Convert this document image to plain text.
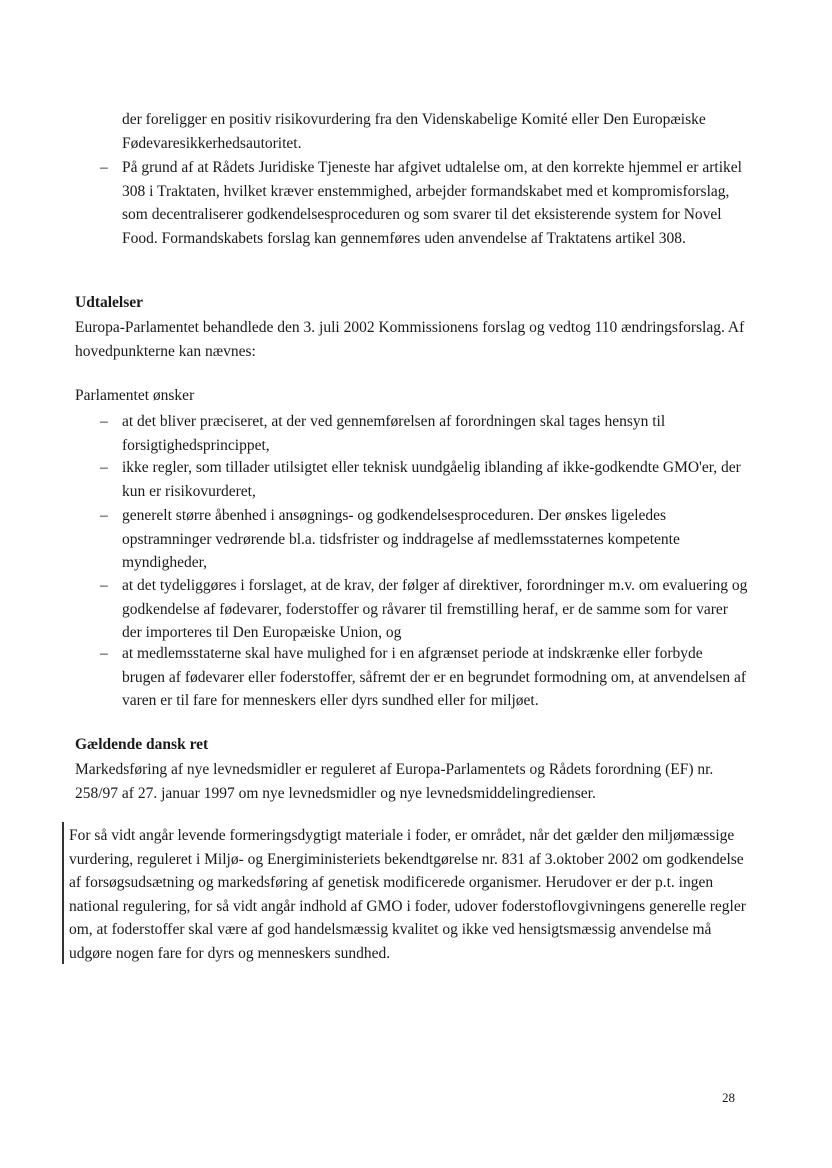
der foreligger en positiv risikovurdering fra den Videnskabelige Komité eller Den Europæiske Fødevaresikkerhedsautoritet.

– På grund af at Rådets Juridiske Tjeneste har afgivet udtalelse om, at den korrekte hjemmel er artikel 308 i Traktaten, hvilket kræver enstemmighed, arbejder formandskabet med et kompromisforslag, som decentraliserer godkendelsesproceduren og som svarer til det eksisterende system for Novel Food. Formandskabets forslag kan gennemføres uden anvendelse af Traktatens artikel 308.

Udtalelser

Europa-Parlamentet behandlede den 3. juli 2002 Kommissionens forslag og vedtog 110 ændringsforslag. Af hovedpunkterne kan nævnes:

Parlamentet ønsker

– at det bliver præciseret, at der ved gennemførelsen af forordningen skal tages hensyn til forsigtighedsprincippet,

– ikke regler, som tillader utilsigtet eller teknisk uundgåelig iblanding af ikke-godkendte GMO'er, der kun er risikovurderet,

– generelt større åbenhed i ansøgnings- og godkendelsesproceduren. Der ønskes ligeledes opstramninger vedrørende bl.a. tidsfrister og inddragelse af medlemsstaternes kompetente myndigheder,

– at det tydeliggøres i forslaget, at de krav, der følger af direktiver, forordninger m.v. om evaluering og godkendelse af fødevarer, foderstoffer og råvarer til fremstilling heraf, er de samme som for varer der importeres til Den Europæiske Union, og

– at medlemsstaterne skal have mulighed for i en afgrænset periode at indskrænke eller forbyde brugen af fødevarer eller foderstoffer, såfremt der er en begrundet formodning om, at anvendelsen af varen er til fare for menneskers eller dyrs sundhed eller for miljøet.

Gældende dansk ret

Markedsføring af nye levnedsmidler er reguleret af Europa-Parlamentets og Rådets forordning (EF) nr. 258/97 af 27. januar 1997 om nye levnedsmidler og nye levnedsmiddelingredienser.

For så vidt angår levende formeringsdygtigt materiale i foder, er området, når det gælder den miljømæssige vurdering, reguleret i Miljø- og Energiministeriets bekendtgørelse nr. 831 af 3.oktober 2002 om godkendelse af forsøgsudsætning og markedsføring af genetisk modificerede organismer. Herudover er der p.t. ingen national regulering, for så vidt angår indhold af GMO i foder, udover foderstoflovgivningens generelle regler om, at foderstoffer skal være af god handelsmæssig kvalitet og ikke ved hensigtsmæssig anvendelse må udgøre nogen fare for dyrs og menneskers sundhed.

28
